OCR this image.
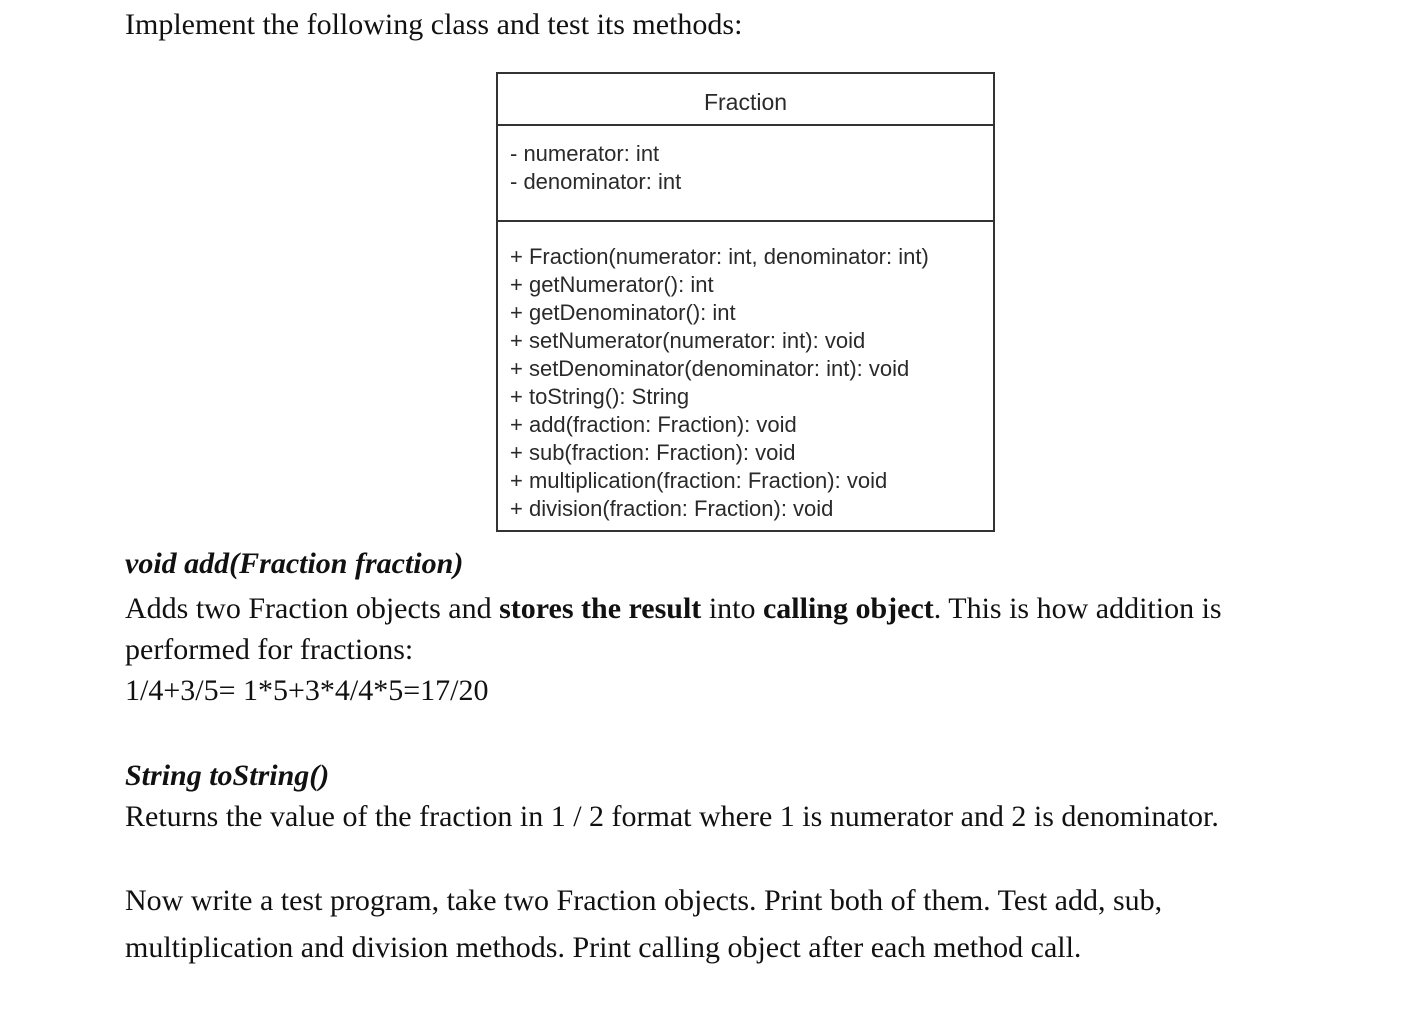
Implement the following class and test its methods:

Fraction
- numerator: int
- denominator: int
+ Fraction(numerator: int, denominator: int)
+ getNumerator(): int
+ getDenominator(): int
+ setNumerator(numerator: int): void
+ setDenominator(denominator: int): void
+ toString(): String
+ add(fraction: Fraction): void
+ sub(fraction: Fraction): void
+ multiplication(fraction: Fraction): void
+ division(fraction: Fraction): void
void add(Fraction fraction)
Adds two Fraction objects and stores the result into calling object. This is how addition is performed for fractions:
1/4+3/5= 1*5+3*4/4*5=17/20
String toString()
Returns the value of the fraction in 1 / 2 format where 1 is numerator and 2 is denominator.
Now write a test program, take two Fraction objects. Print both of them. Test add, sub, multiplication and division methods. Print calling object after each method call.
